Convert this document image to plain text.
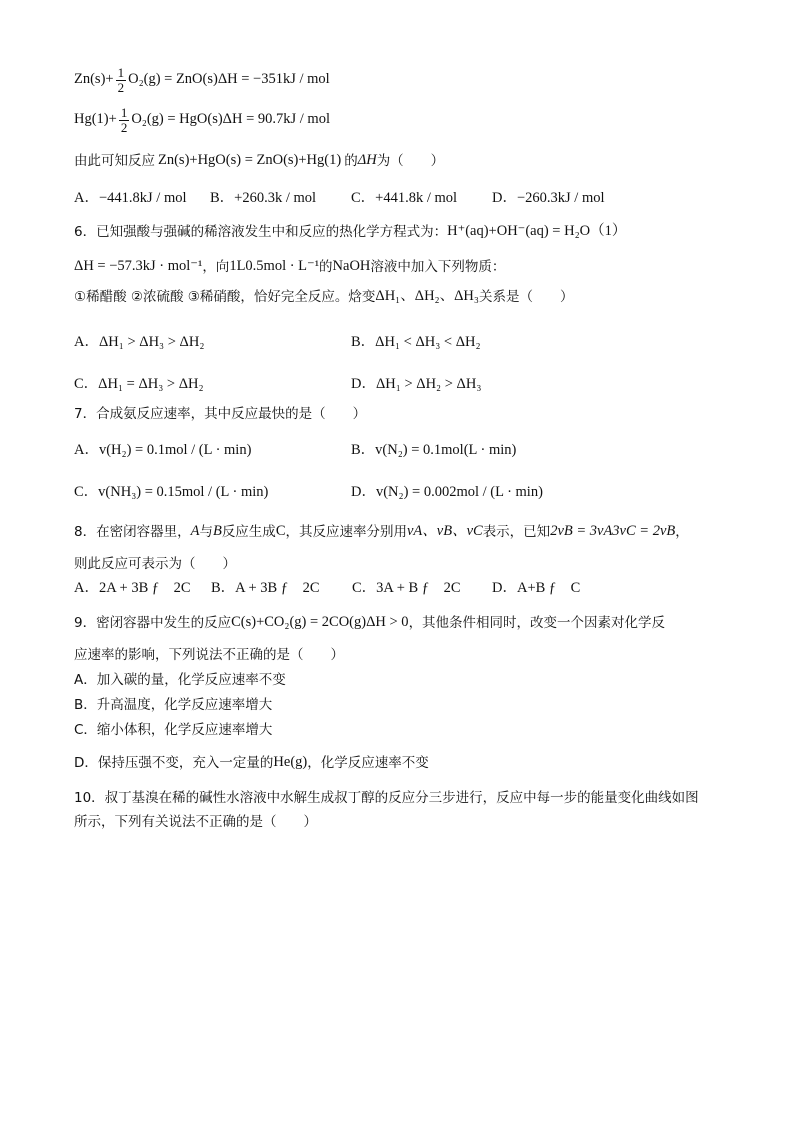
$Zn(s)+ \frac{1}{2} O_2(g) = ZnO(s)\Delta H = -351kJ$ / mol
$Hg(1)+ \frac{1}{2} O_2(g) = HgO(s)\Delta H = 90.7kJ$ / mol
由此可知反应 Zn(s)+HgO(s) = ZnO(s)+Hg(1) 的 ΔH 为（　　）
A．−441.8kJ / mol B．+260.3k / mol C．+441.8k / mol D．−260.3kJ / mol
6．已知强酸与强碱的稀溶液发生中和反应的热化学方程式为： H⁺(aq)+OH⁻(aq) = H₂O（1）
ΔH = −57.3kJ · mol⁻¹ ，向 1L0.5mol · L⁻¹ 的 NaOH 溶液中加入下列物质：
①稀醋酸 ②浓硫酸 ③稀硝酸，恰好完全反应。焓变 ΔH₁、ΔH₂、ΔH₃ 关系是（　　）
A．ΔH₁ > ΔH₃ > ΔH₂	B．ΔH₁ < ΔH₃ < ΔH₂
C．ΔH₁ = ΔH₃ > ΔH₂	D．ΔH₁ > ΔH₂ > ΔH₃
7．合成氨反应速率，其中反应最快的是（　　）
A．v(H₂) = 0.1mol / (L · min)	B．v(N₂) = 0.1mol(L · min)
C．v(NH₃) = 0.15mol / (L · min)	D．v(N₂) = 0.002mol / (L · min)
8．在密闭容器里， A 与 B 反应生成 C ，其反应速率分别用 vA、vB、vC 表示，已知 2vB = 3vA3vC = 2vB ，
则此反应可表示为（　　）
A．2A + 3B ƒ　2C B．A + 3B ƒ　2C C．3A + B ƒ　2C D．A+B ƒ　C
9．密闭容器中发生的反应 C(s)+CO₂(g) = 2CO(g)ΔH > 0 ，其他条件相同时，改变一个因素对化学反
应速率的影响，下列说法不正确的是（　　）
A．加入碳的量，化学反应速率不变
B．升高温度，化学反应速率增大
C．缩小体积，化学反应速率增大
D．保持压强不变，充入一定量的 He(g) ，化学反应速率不变
10．叔丁基溴在稀的碱性水溶液中水解生成叔丁醇的反应分三步进行，反应中每一步的能量变化曲线如图
所示，下列有关说法不正确的是（　　）
